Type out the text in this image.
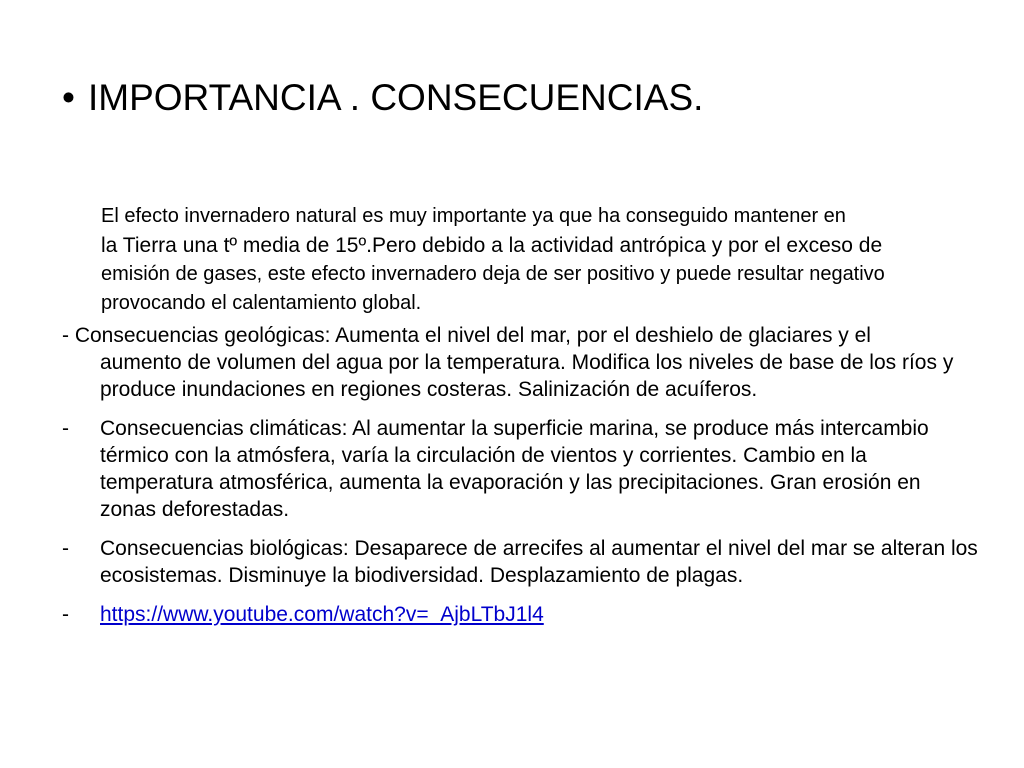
• IMPORTANCIA . CONSECUENCIAS.
El efecto invernadero natural es muy importante ya que ha conseguido mantener en
la Tierra una tº media de 15º.Pero debido a la actividad antrópica y por el exceso de
emisión de gases, este efecto invernadero deja de ser positivo y puede resultar negativo provocando el calentamiento global.
- Consecuencias geológicas: Aumenta el nivel del mar, por el deshielo de glaciares y el
aumento de volumen del agua por la temperatura. Modifica los niveles de base de los ríos y produce inundaciones en regiones costeras. Salinización de acuíferos.
- Consecuencias climáticas: Al aumentar la superficie marina, se produce más intercambio térmico con la atmósfera, varía la circulación de vientos y corrientes. Cambio en la temperatura atmosférica, aumenta la evaporación y las precipitaciones. Gran erosión en zonas deforestadas.
- Consecuencias biológicas: Desaparece de arrecifes al aumentar el nivel del mar se alteran los ecosistemas. Disminuye la biodiversidad. Desplazamiento de plagas.
- https://www.youtube.com/watch?v=_AjbLTbJ1l4
